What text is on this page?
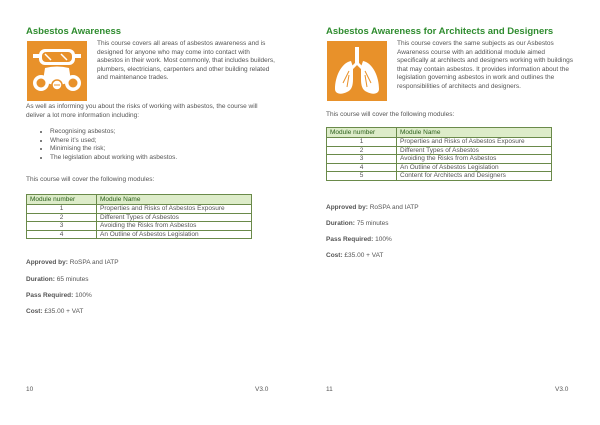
Asbestos Awareness
This course covers all areas of asbestos awareness and is designed for anyone who may come into contact with asbestos in their work. Most commonly, that includes builders, plumbers, electricians, carpenters and other building related and maintenance trades.
As well as informing you about the risks of working with asbestos, the course will deliver a lot more information including:
• Recognising asbestos;
• Where it’s used;
• Minimising the risk;
• The legislation about working with asbestos.
This course will cover the following modules:
Module number	Module Name
1	Properties and Risks of Asbestos Exposure
2	Different Types of Asbestos
3	Avoiding the Risks from Asbestos
4	An Outline of Asbestos Legislation
Approved by: RoSPA and IATP
Duration: 65 minutes
Pass Required: 100%
Cost: £35.00 + VAT
10	V3.0
Asbestos Awareness for Architects and Designers
This course covers the same subjects as our Asbestos Awareness course with an additional module aimed specifically at architects and designers working with buildings that may contain asbestos. It provides information about the legislation governing asbestos in work and outlines the responsibilities of architects and designers.
This course will cover the following modules:
Module number	Module Name
1	Properties and Risks of Asbestos Exposure
2	Different Types of Asbestos
3	Avoiding the Risks from Asbestos
4	An Outline of Asbestos Legislation
5	Content for Architects and Designers
Approved by: RoSPA and IATP
Duration: 75 minutes
Pass Required: 100%
Cost: £35.00 + VAT
11	V3.0
